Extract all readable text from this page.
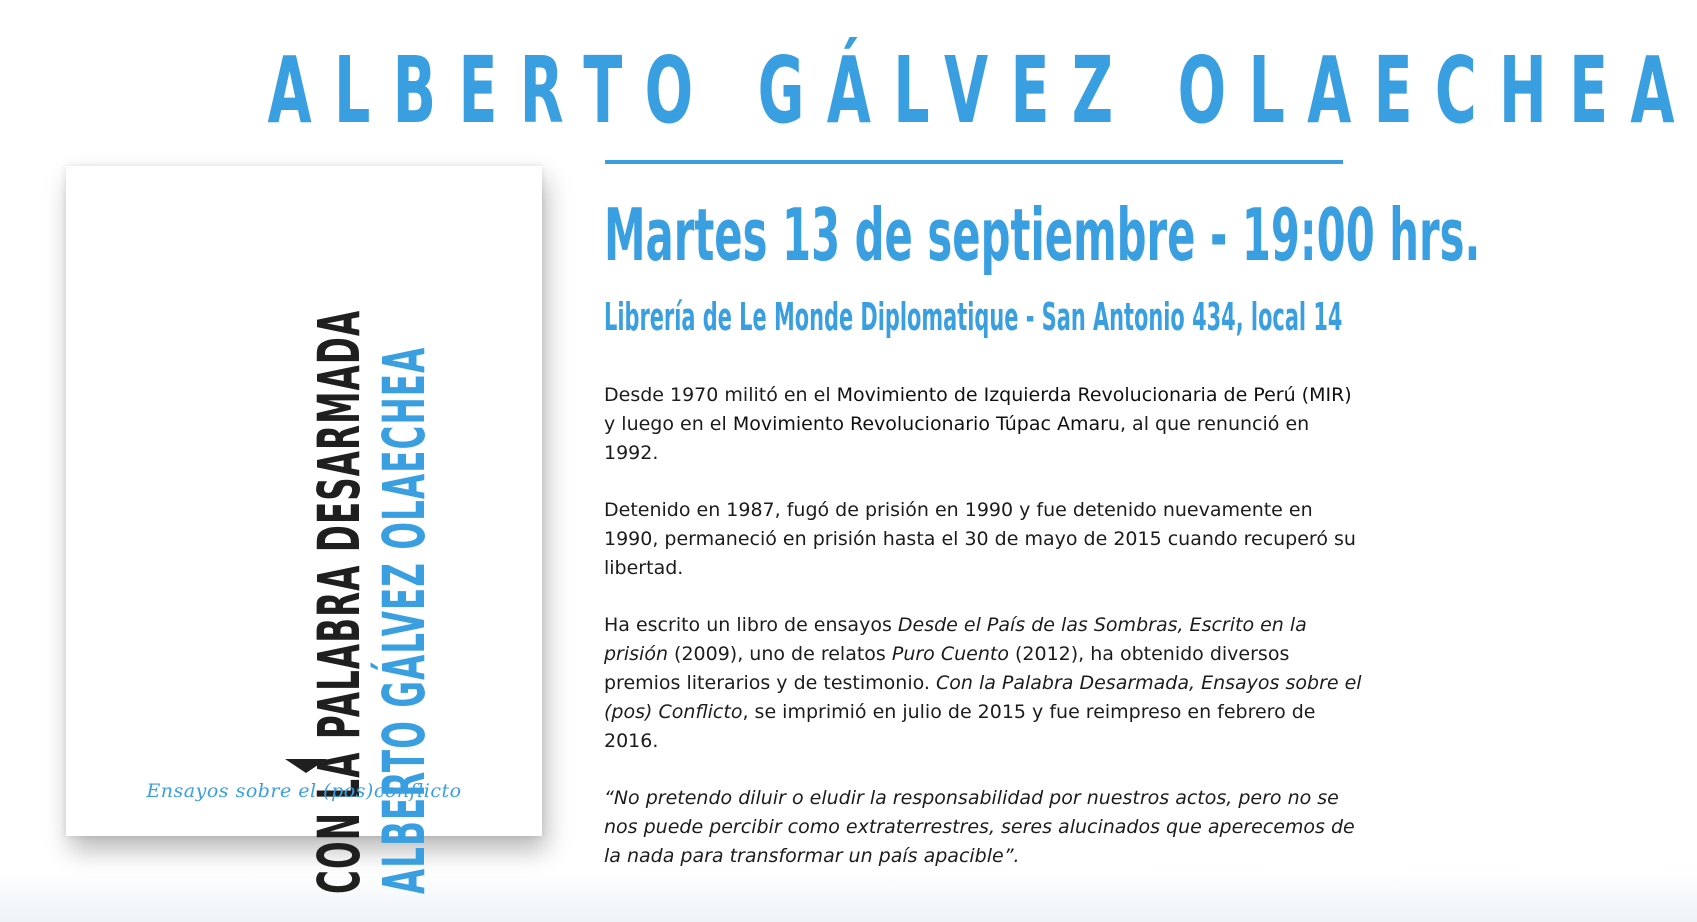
ALBERTO GÁLVEZ OLAECHEA
CON LA PALABRA DESARMADA
ALBERTO GÁLVEZ OLAECHEA
Ensayos sobre el (pos)conflicto
Martes 13 de septiembre - 19:00 hrs.
Librería de Le Monde Diplomatique - San Antonio 434, local 14

Desde 1970 militó en el Movimiento de Izquierda Revolucionaria de Perú (MIR) y luego en el Movimiento Revolucionario Túpac Amaru, al que renunció en 1992.

Detenido en 1987, fugó de prisión en 1990 y fue detenido nuevamente en 1990, permaneció en prisión hasta el 30 de mayo de 2015 cuando recuperó su libertad.

Ha escrito un libro de ensayos Desde el País de las Sombras, Escrito en la prisión (2009), uno de relatos Puro Cuento (2012), ha obtenido diversos premios literarios y de testimonio. Con la Palabra Desarmada, Ensayos sobre el (pos) Conflicto, se imprimió en julio de 2015 y fue reimpreso en febrero de 2016.

“No pretendo diluir o eludir la responsabilidad por nuestros actos, pero no se nos puede percibir como extraterrestres, seres alucinados que aperecemos de la nada para transformar un país apacible”.
